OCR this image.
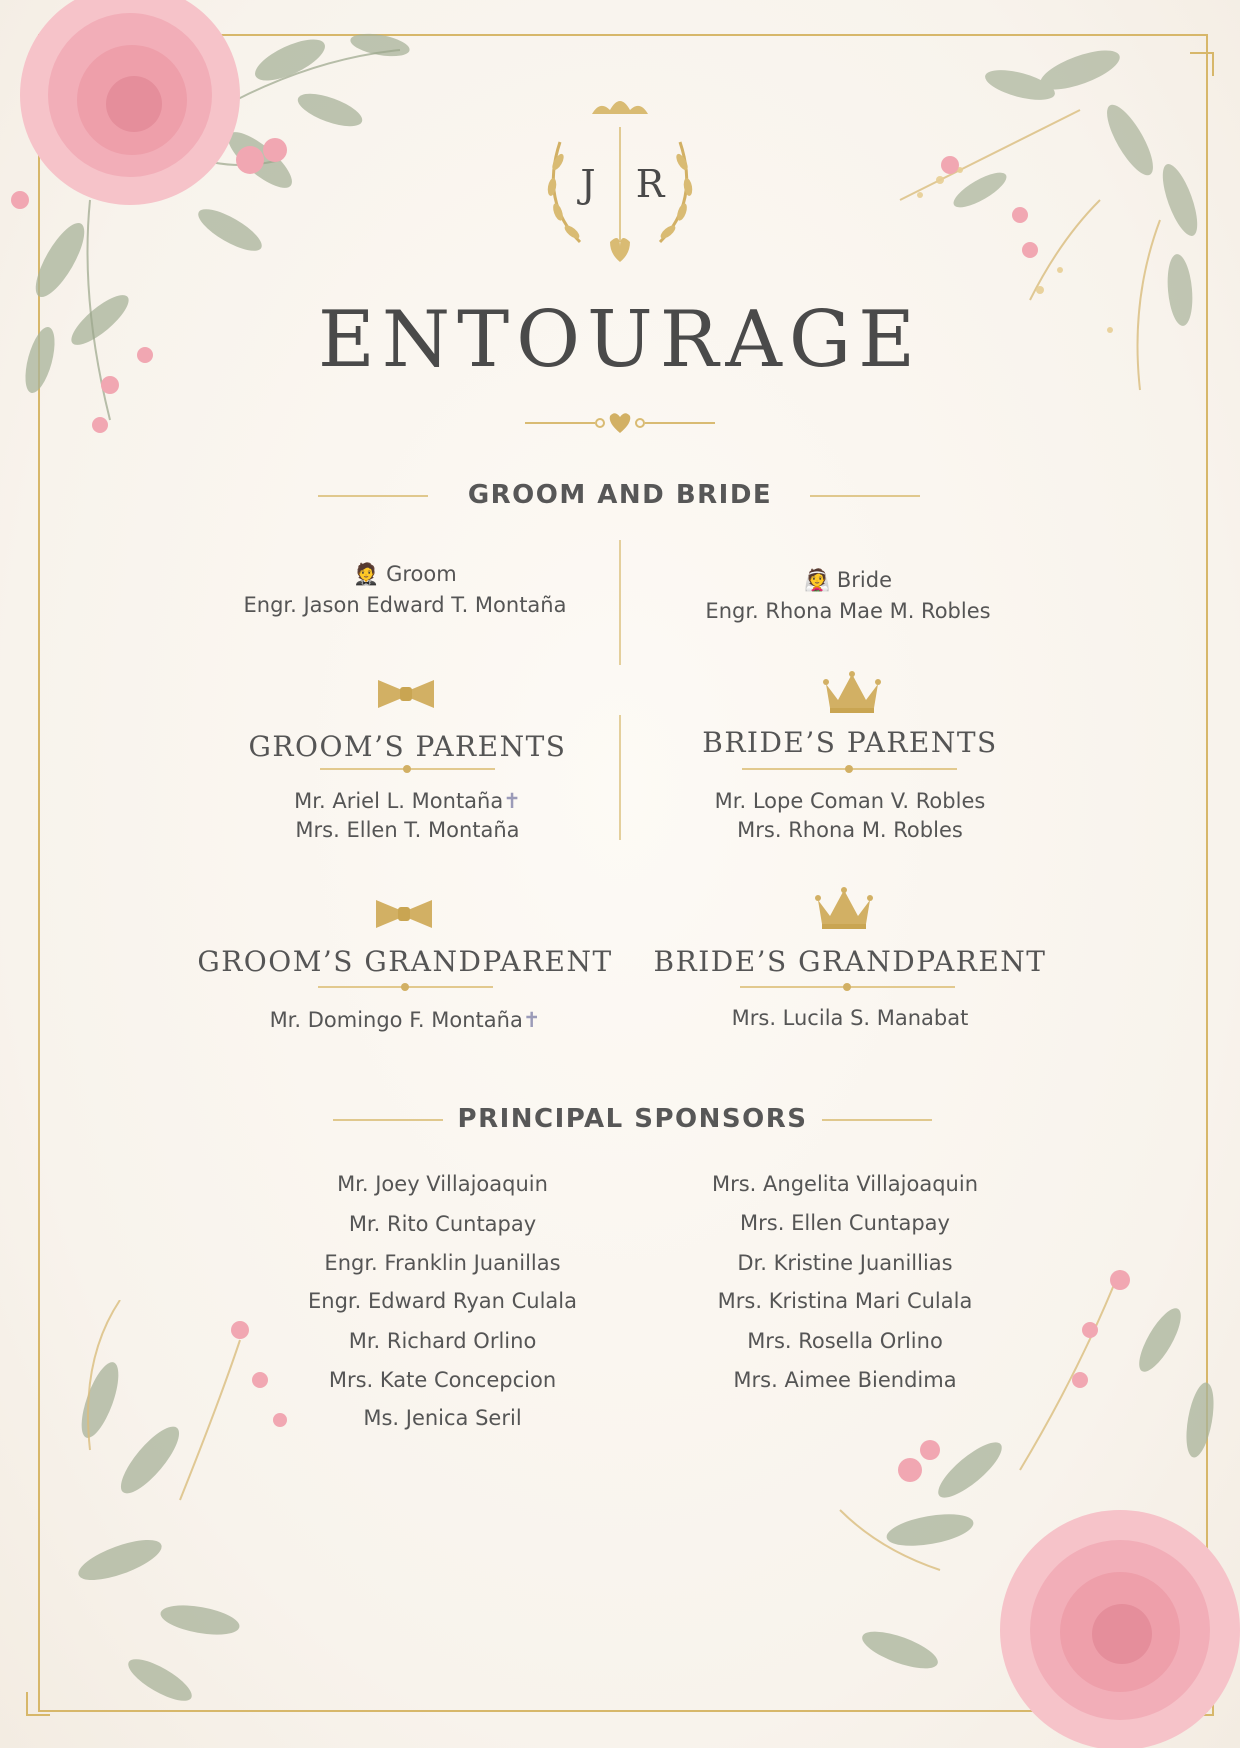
J R
ENTOURAGE
GROOM AND BRIDE
🤵 Groom
Engr. Jason Edward T. Montaña
👰 Bride
Engr. Rhona Mae M. Robles
GROOM’S PARENTS
Mr. Ariel L. Montaña✝
Mrs. Ellen T. Montaña
BRIDE’S PARENTS
Mr. Lope Coman V. Robles
Mrs. Rhona M. Robles
GROOM’S GRANDPARENT
Mr. Domingo F. Montaña✝
BRIDE’S GRANDPARENT
Mrs. Lucila S. Manabat
PRINCIPAL SPONSORS
Mr. Joey Villajoaquin
Mr. Rito Cuntapay
Engr. Franklin Juanillas
Engr. Edward Ryan Culala
Mr. Richard Orlino
Mrs. Kate Concepcion
Ms. Jenica Seril
Mrs. Angelita Villajoaquin
Mrs. Ellen Cuntapay
Dr. Kristine Juanillias
Mrs. Kristina Mari Culala
Mrs. Rosella Orlino
Mrs. Aimee Biendima
